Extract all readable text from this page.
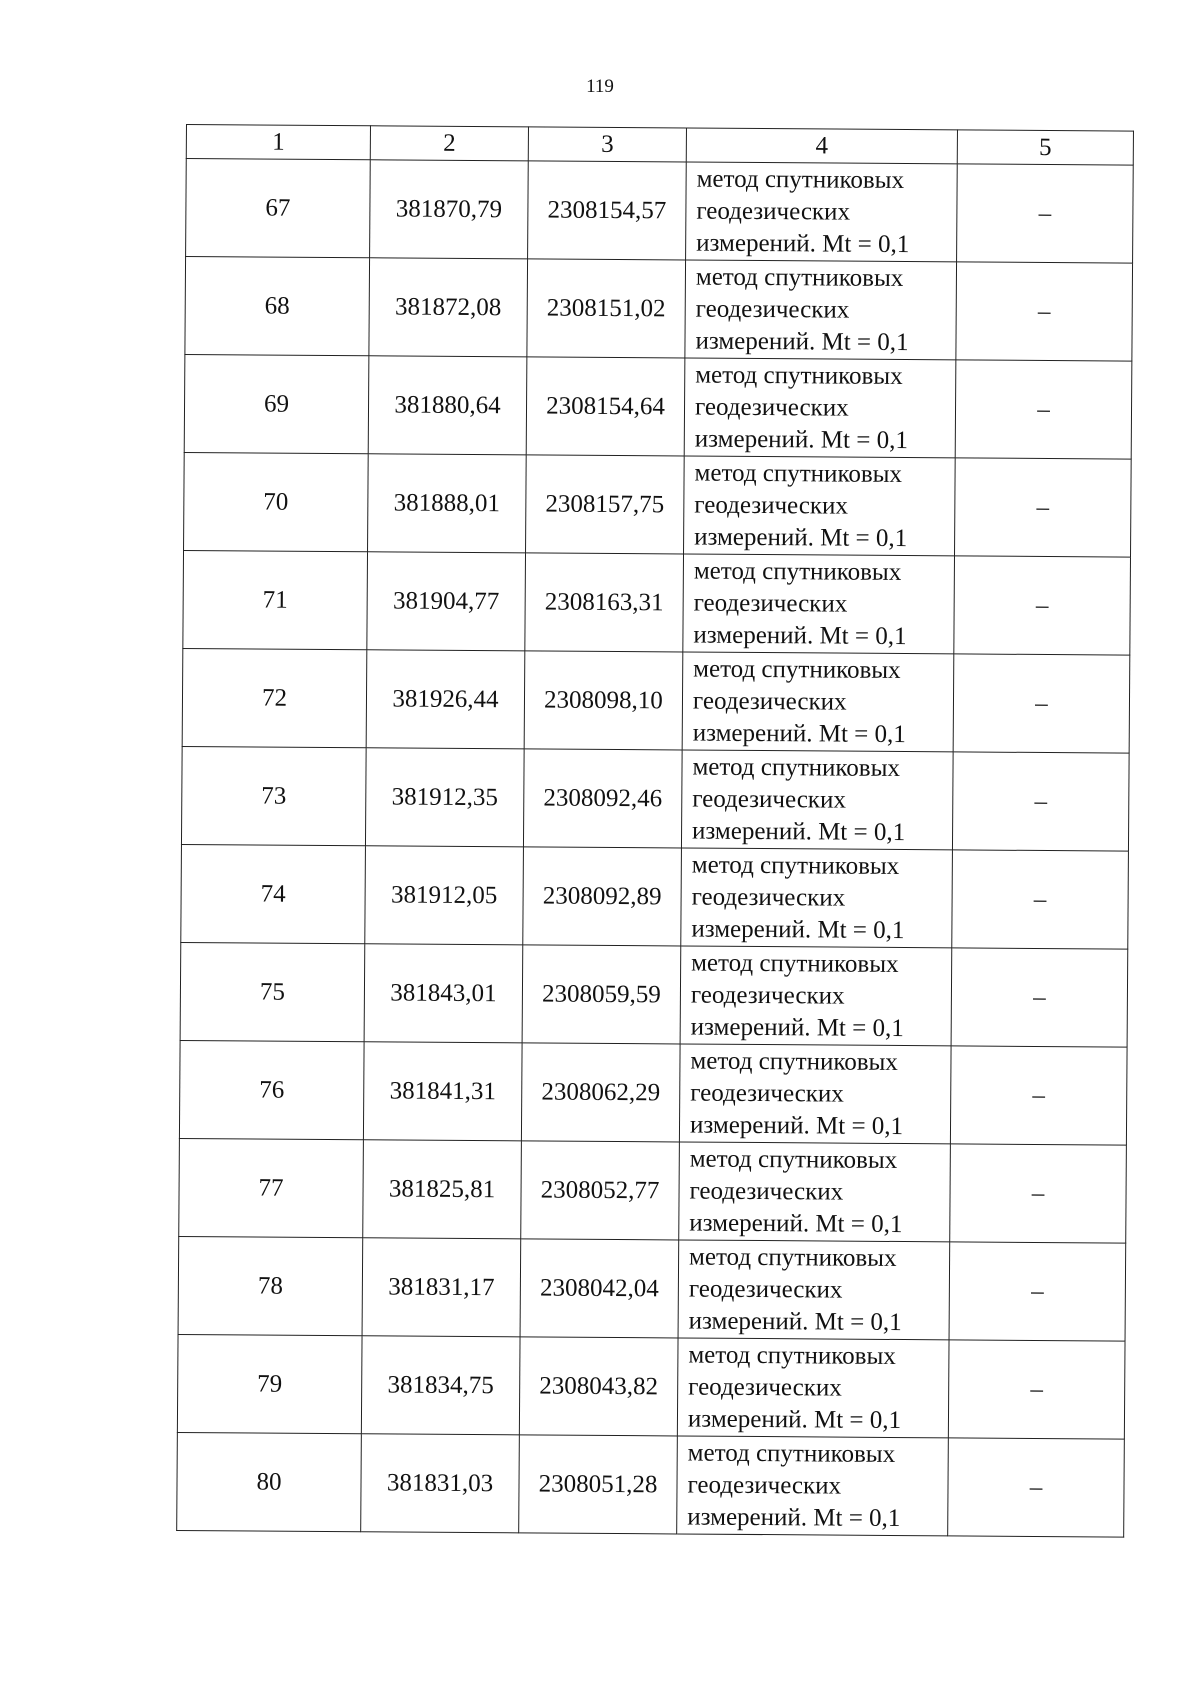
119
1	2	3	4	5
67	381870,79	2308154,57	метод спутниковых
геодезических
измерений. Mt = 0,1	–
68	381872,08	2308151,02	метод спутниковых
геодезических
измерений. Mt = 0,1	–
69	381880,64	2308154,64	метод спутниковых
геодезических
измерений. Mt = 0,1	–
70	381888,01	2308157,75	метод спутниковых
геодезических
измерений. Mt = 0,1	–
71	381904,77	2308163,31	метод спутниковых
геодезических
измерений. Mt = 0,1	–
72	381926,44	2308098,10	метод спутниковых
геодезических
измерений. Mt = 0,1	–
73	381912,35	2308092,46	метод спутниковых
геодезических
измерений. Mt = 0,1	–
74	381912,05	2308092,89	метод спутниковых
геодезических
измерений. Mt = 0,1	–
75	381843,01	2308059,59	метод спутниковых
геодезических
измерений. Mt = 0,1	–
76	381841,31	2308062,29	метод спутниковых
геодезических
измерений. Mt = 0,1	–
77	381825,81	2308052,77	метод спутниковых
геодезических
измерений. Mt = 0,1	–
78	381831,17	2308042,04	метод спутниковых
геодезических
измерений. Mt = 0,1	–
79	381834,75	2308043,82	метод спутниковых
геодезических
измерений. Mt = 0,1	–
80	381831,03	2308051,28	метод спутниковых
геодезических
измерений. Mt = 0,1	–
